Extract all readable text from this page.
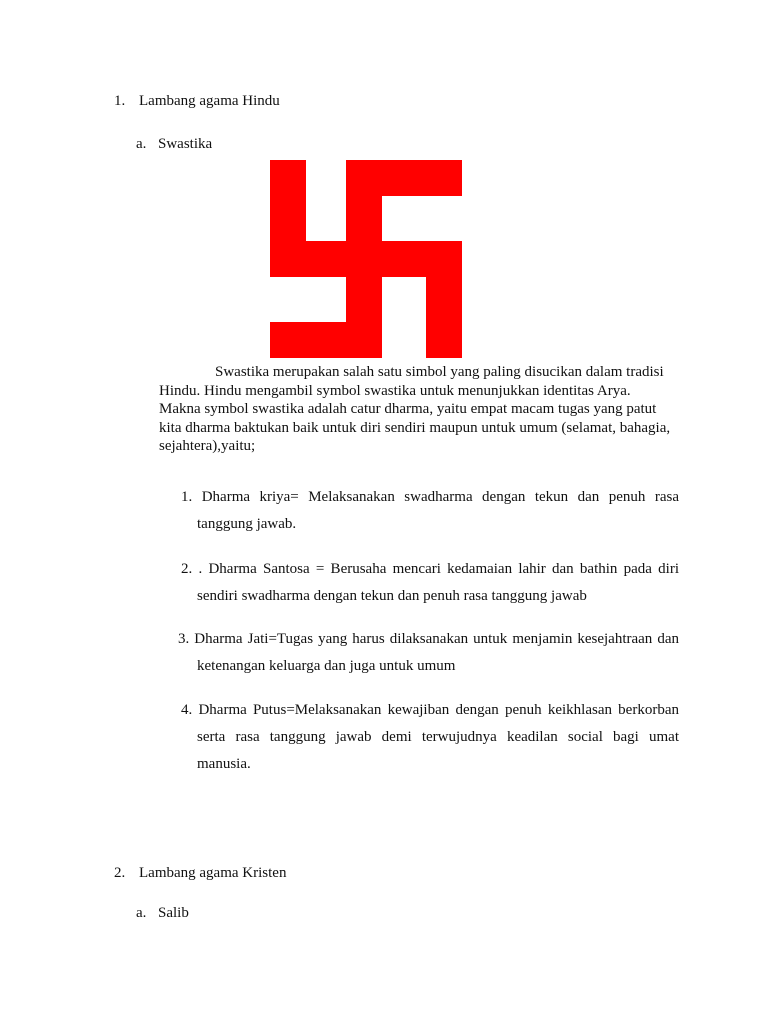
1. Lambang agama Hindu
a. Swastika

Swastika merupakan salah satu simbol yang paling disucikan dalam tradisi
Hindu. Hindu mengambil symbol swastika untuk menunjukkan identitas Arya.
Makna symbol swastika adalah catur dharma, yaitu empat macam tugas yang patut
kita dharma baktukan baik untuk diri sendiri maupun untuk umum (selamat, bahagia,
sejahtera),yaitu;

1. Dharma kriya= Melaksanakan swadharma dengan tekun dan penuh rasa
tanggung jawab.
2. . Dharma Santosa = Berusaha mencari kedamaian lahir dan bathin pada diri
sendiri swadharma dengan tekun dan penuh rasa tanggung jawab
3. Dharma Jati=Tugas yang harus dilaksanakan untuk menjamin kesejahtraan dan
ketenangan keluarga dan juga untuk umum
4. Dharma Putus=Melaksanakan kewajiban dengan penuh keikhlasan berkorban
serta rasa tanggung jawab demi terwujudnya keadilan social bagi umat
manusia.
2. Lambang agama Kristen
a. Salib
